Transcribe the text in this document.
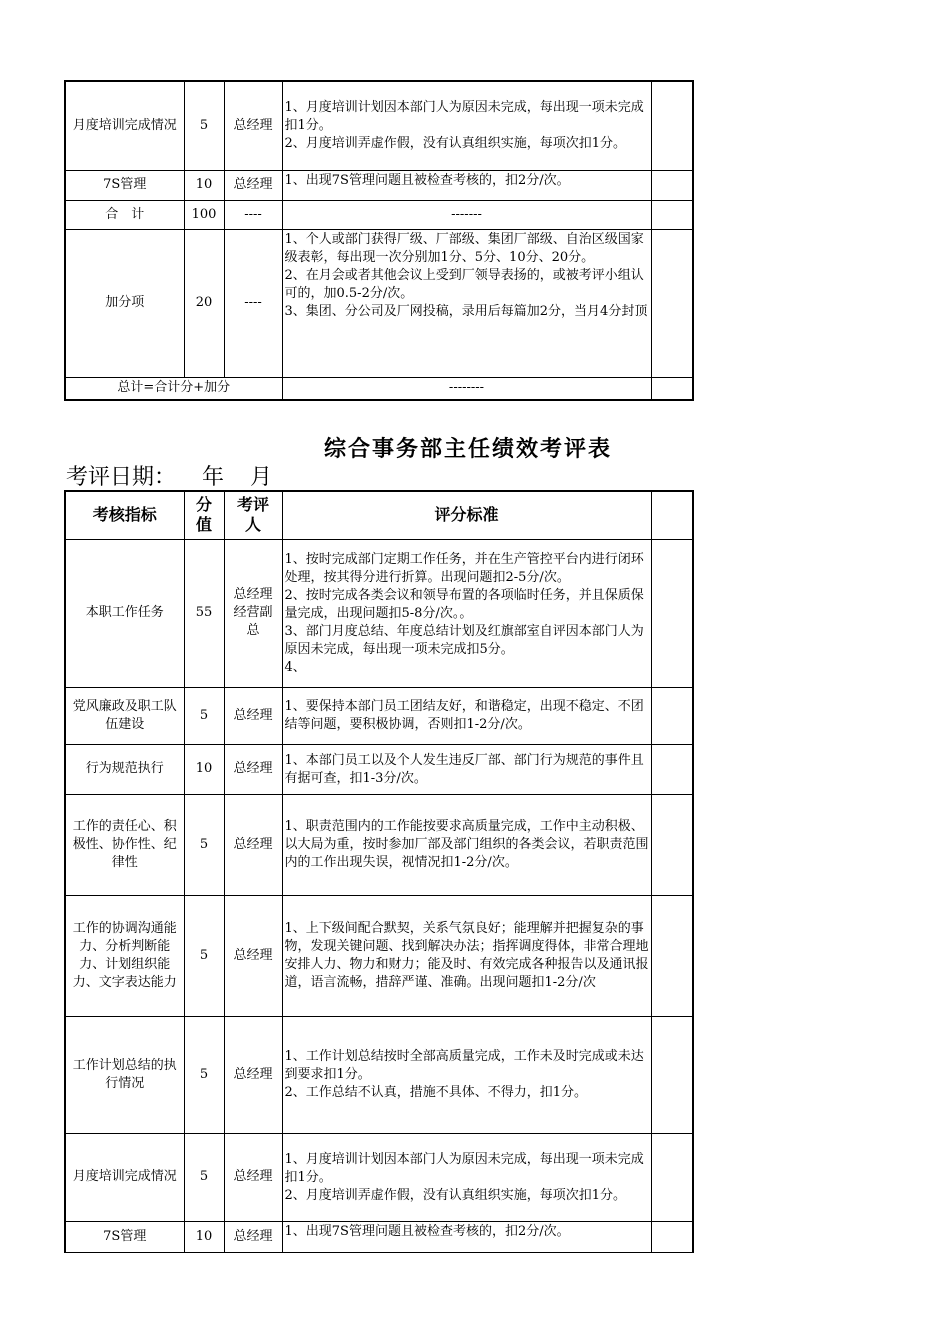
月度培训完成情况	5	总经理	1、月度培训计划因本部门人为原因未完成，每出现一项未完成扣1分。
2、月度培训弄虚作假，没有认真组织实施，每项次扣1分。	

7S管理	10	总经理	1、出现7S管理问题且被检查考核的，扣2分/次。	

合　计	100	----	-------	
加分项	20	----	1、个人或部门获得厂级、厂部级、集团厂部级、自治区级国家级表彰，每出现一次分别加1分、5分、10分、20分。
2、在月会或者其他会议上受到厂领导表扬的，或被考评小组认可的，加0.5-2分/次。
3、集团、分公司及厂网投稿，录用后每篇加2分，当月4分封顶	

总计=合计分+加分			--------	
综合事务部主任绩效考评表
考评日期： 年 月
考核指标	分值	考评人	评分标准	
本职工作任务	55	总经理经营副总	1、按时完成部门定期工作任务，并在生产管控平台内进行闭环处理，按其得分进行折算。出现问题扣2-5分/次。
2、按时完成各类会议和领导布置的各项临时任务，并且保质保量完成，出现问题扣5-8分/次。。
3、部门月度总结、年度总结计划及红旗部室自评因本部门人为原因未完成，每出现一项未完成扣5分。
4、	

党风廉政及职工队伍建设	5	总经理	1、要保持本部门员工团结友好，和谐稳定，出现不稳定、不团结等问题，要积极协调，否则扣1-2分/次。	

行为规范执行	10	总经理	1、本部门员工以及个人发生违反厂部、部门行为规范的事件且有据可查，扣1-3分/次。	

工作的责任心、积极性、协作性、纪律性	5	总经理	1、职责范围内的工作能按要求高质量完成，工作中主动积极、以大局为重，按时参加厂部及部门组织的各类会议，若职责范围内的工作出现失误，视情况扣1-2分/次。	

工作的协调沟通能力、分析判断能力、计划组织能力、文字表达能力	5	总经理	1、上下级间配合默契，关系气氛良好；能理解并把握复杂的事物，发现关键问题、找到解决办法；指挥调度得体，非常合理地安排人力、物力和财力；能及时、有效完成各种报告以及通讯报道，语言流畅，措辞严谨、准确。出现问题扣1-2分/次	

工作计划总结的执行情况	5	总经理	1、工作计划总结按时全部高质量完成，工作未及时完成或未达到要求扣1分。
2、工作总结不认真，措施不具体、不得力，扣1分。	

月度培训完成情况	5	总经理	1、月度培训计划因本部门人为原因未完成，每出现一项未完成扣1分。
2、月度培训弄虚作假，没有认真组织实施，每项次扣1分。	

7S管理	10	总经理	1、出现7S管理问题且被检查考核的，扣2分/次。	
